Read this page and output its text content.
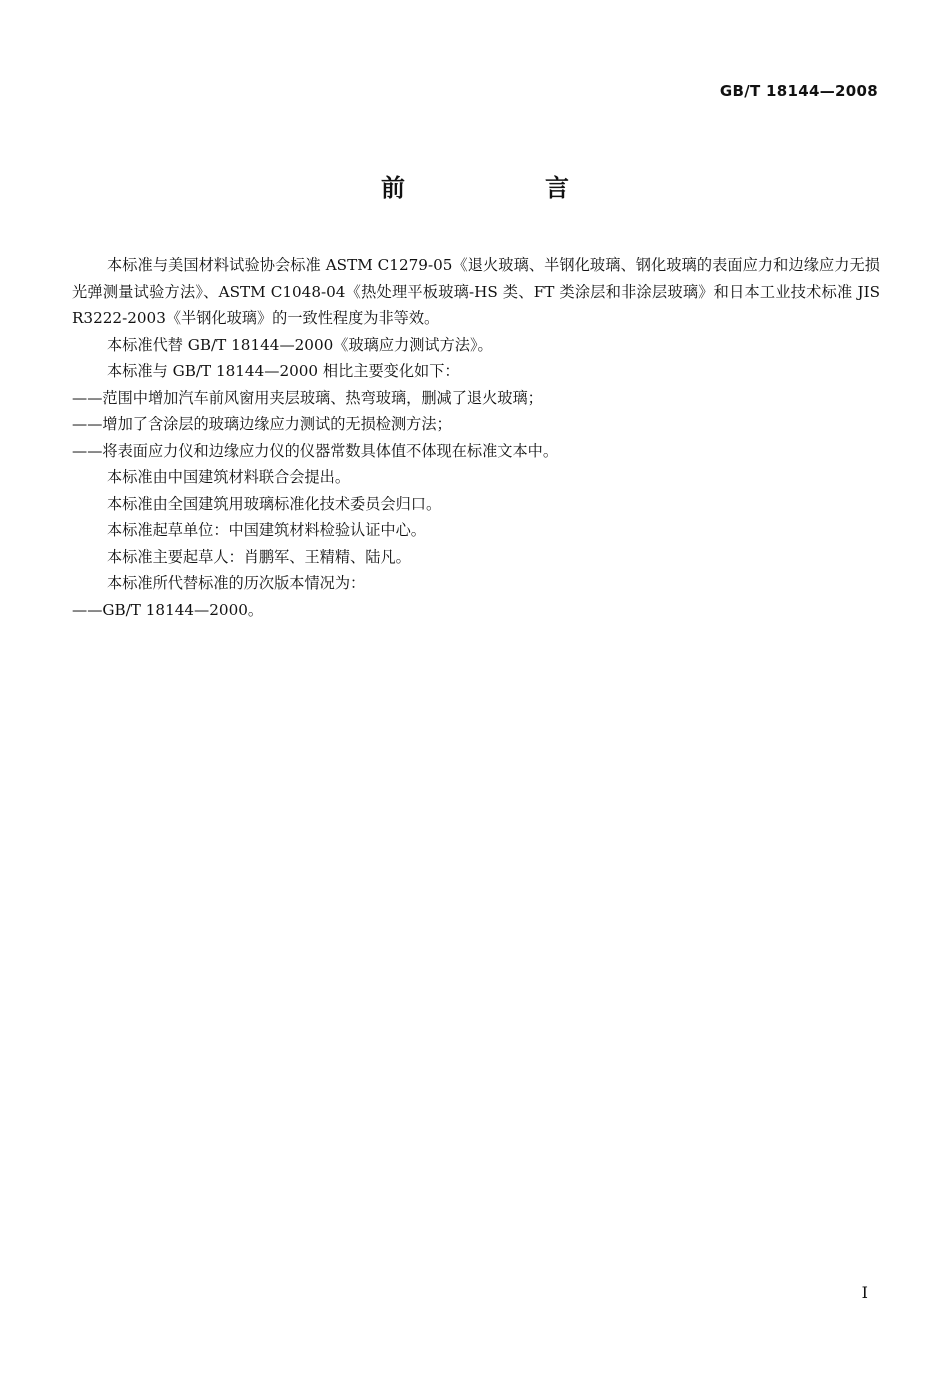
GB/T 18144—2008
前　言

本标准与美国材料试验协会标准 ASTM C1279-05《退火玻璃、半钢化玻璃、钢化玻璃的表面应力和边缘应力无损光弹测量试验方法》、ASTM C1048-04《热处理平板玻璃-HS 类、FT 类涂层和非涂层玻璃》和日本工业技术标准 JIS R3222-2003《半钢化玻璃》的一致性程度为非等效。

本标准代替 GB/T 18144—2000《玻璃应力测试方法》。

本标准与 GB/T 18144—2000 相比主要变化如下：

——范围中增加汽车前风窗用夹层玻璃、热弯玻璃，删减了退火玻璃；

——增加了含涂层的玻璃边缘应力测试的无损检测方法；

——将表面应力仪和边缘应力仪的仪器常数具体值不体现在标准文本中。

本标准由中国建筑材料联合会提出。

本标准由全国建筑用玻璃标准化技术委员会归口。

本标准起草单位：中国建筑材料检验认证中心。

本标准主要起草人：肖鹏军、王精精、陆凡。

本标准所代替标准的历次版本情况为：

——GB/T 18144—2000。

I
